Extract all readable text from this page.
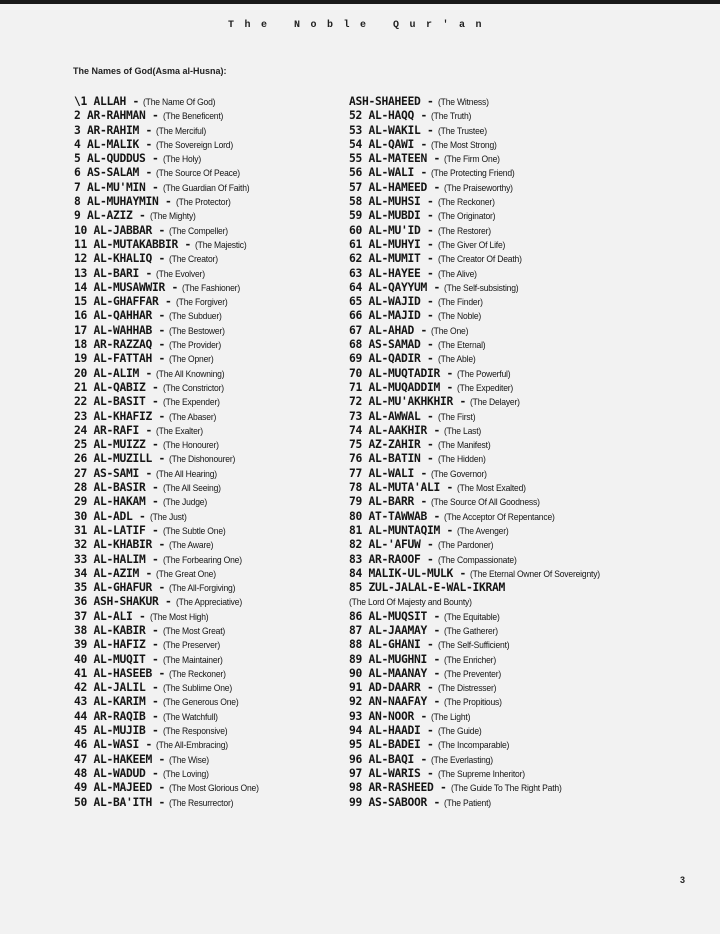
The Noble Qur'an
The Names of God(Asma al-Husna):
\1 ALLAH - (The Name Of God)
2 AR-RAHMAN - (The Beneficent)
3 AR-RAHIM - (The Merciful)
4 AL-MALIK - (The Sovereign Lord)
5 AL-QUDDUS - (The Holy)
6 AS-SALAM - (The Source Of Peace)
7 AL-MU'MIN - (The Guardian Of Faith)
8 AL-MUHAYMIN - (The Protector)
9 AL-AZIZ - (The Mighty)
10 AL-JABBAR - (The Compeller)
11 AL-MUTAKABBIR - (The Majestic)
12 AL-KHALIQ - (The Creator)
13 AL-BARI - (The Evolver)
14 AL-MUSAWWIR - (The Fashioner)
15 AL-GHAFFAR - (The Forgiver)
16 AL-QAHHAR - (The Subduer)
17 AL-WAHHAB - (The Bestower)
18 AR-RAZZAQ - (The Provider)
19 AL-FATTAH - (The Opner)
20 AL-ALIM - (The All Knowning)
21 AL-QABIZ - (The Constrictor)
22 AL-BASIT - (The Expender)
23 AL-KHAFIZ - (The Abaser)
24 AR-RAFI - (The Exalter)
25 AL-MUIZZ - (The Honourer)
26 AL-MUZILL - (The Dishonourer)
27 AS-SAMI - (The All Hearing)
28 AL-BASIR - (The All Seeing)
29 AL-HAKAM - (The Judge)
30 AL-ADL - (The Just)
31 AL-LATIF - (The Subtle One)
32 AL-KHABIR - (The Aware)
33 AL-HALIM - (The Forbearing One)
34 AL-AZIM - (The Great One)
35 AL-GHAFUR - (The All-Forgiving)
36 ASH-SHAKUR - (The Appreciative)
37 AL-ALI - (The Most High)
38 AL-KABIR - (The Most Great)
39 AL-HAFIZ - (The Preserver)
40 AL-MUQIT - (The Maintainer)
41 AL-HASEEB - (The Reckoner)
42 AL-JALIL - (The Sublime One)
43 AL-KARIM - (The Generous One)
44 AR-RAQIB - (The Watchfull)
45 AL-MUJIB - (The Responsive)
46 AL-WASI - (The All-Embracing)
47 AL-HAKEEM - (The Wise)
48 AL-WADUD - (The Loving)
49 AL-MAJEED - (The Most Glorious One)
50 AL-BA'ITH - (The Resurrector)
ASH-SHAHEED - (The Witness)
52 AL-HAQQ - (The Truth)
53 AL-WAKIL - (The Trustee)
54 AL-QAWI - (The Most Strong)
55 AL-MATEEN - (The Firm One)
56 AL-WALI - (The Protecting Friend)
57 AL-HAMEED - (The Praiseworthy)
58 AL-MUHSI - (The Reckoner)
59 AL-MUBDI - (The Originator)
60 AL-MU'ID - (The Restorer)
61 AL-MUHYI - (The Giver Of Life)
62 AL-MUMIT - (The Creator Of Death)
63 AL-HAYEE - (The Alive)
64 AL-QAYYUM - (The Self-subsisting)
65 AL-WAJID - (The Finder)
66 AL-MAJID - (The Noble)
67 AL-AHAD - (The One)
68 AS-SAMAD - (The Eternal)
69 AL-QADIR - (The Able)
70 AL-MUQTADIR - (The Powerful)
71 AL-MUQADDIM - (The Expediter)
72 AL-MU'AKHKHIR - (The Delayer)
73 AL-AWWAL - (The First)
74 AL-AAKHIR - (The Last)
75 AZ-ZAHIR - (The Manifest)
76 AL-BATIN - (The Hidden)
77 AL-WALI - (The Governor)
78 AL-MUTA'ALI - (The Most Exalted)
79 AL-BARR - (The Source Of All Goodness)
80 AT-TAWWAB - (The Acceptor Of Repentance)
81 AL-MUNTAQIM - (The Avenger)
82 AL-'AFUW - (The Pardoner)
83 AR-RAOOF - (The Compassionate)
84 MALIK-UL-MULK - (The Eternal Owner Of Sovereignty)
85 ZUL-JALAL-E-WAL-IKRAM
(The Lord Of Majesty and Bounty)
86 AL-MUQSIT - (The Equitable)
87 AL-JAAMAY - (The Gatherer)
88 AL-GHANI - (The Self-Sufficient)
89 AL-MUGHNI - (The Enricher)
90 AL-MAANAY - (The Preventer)
91 AD-DAARR - (The Distresser)
92 AN-NAAFAY - (The Propitious)
93 AN-NOOR - (The Light)
94 AL-HAADI - (The Guide)
95 AL-BADEI - (The Incomparable)
96 AL-BAQI - (The Everlasting)
97 AL-WARIS - (The Supreme Inheritor)
98 AR-RASHEED - (The Guide To The Right Path)
99 AS-SABOOR - (The Patient)
3
